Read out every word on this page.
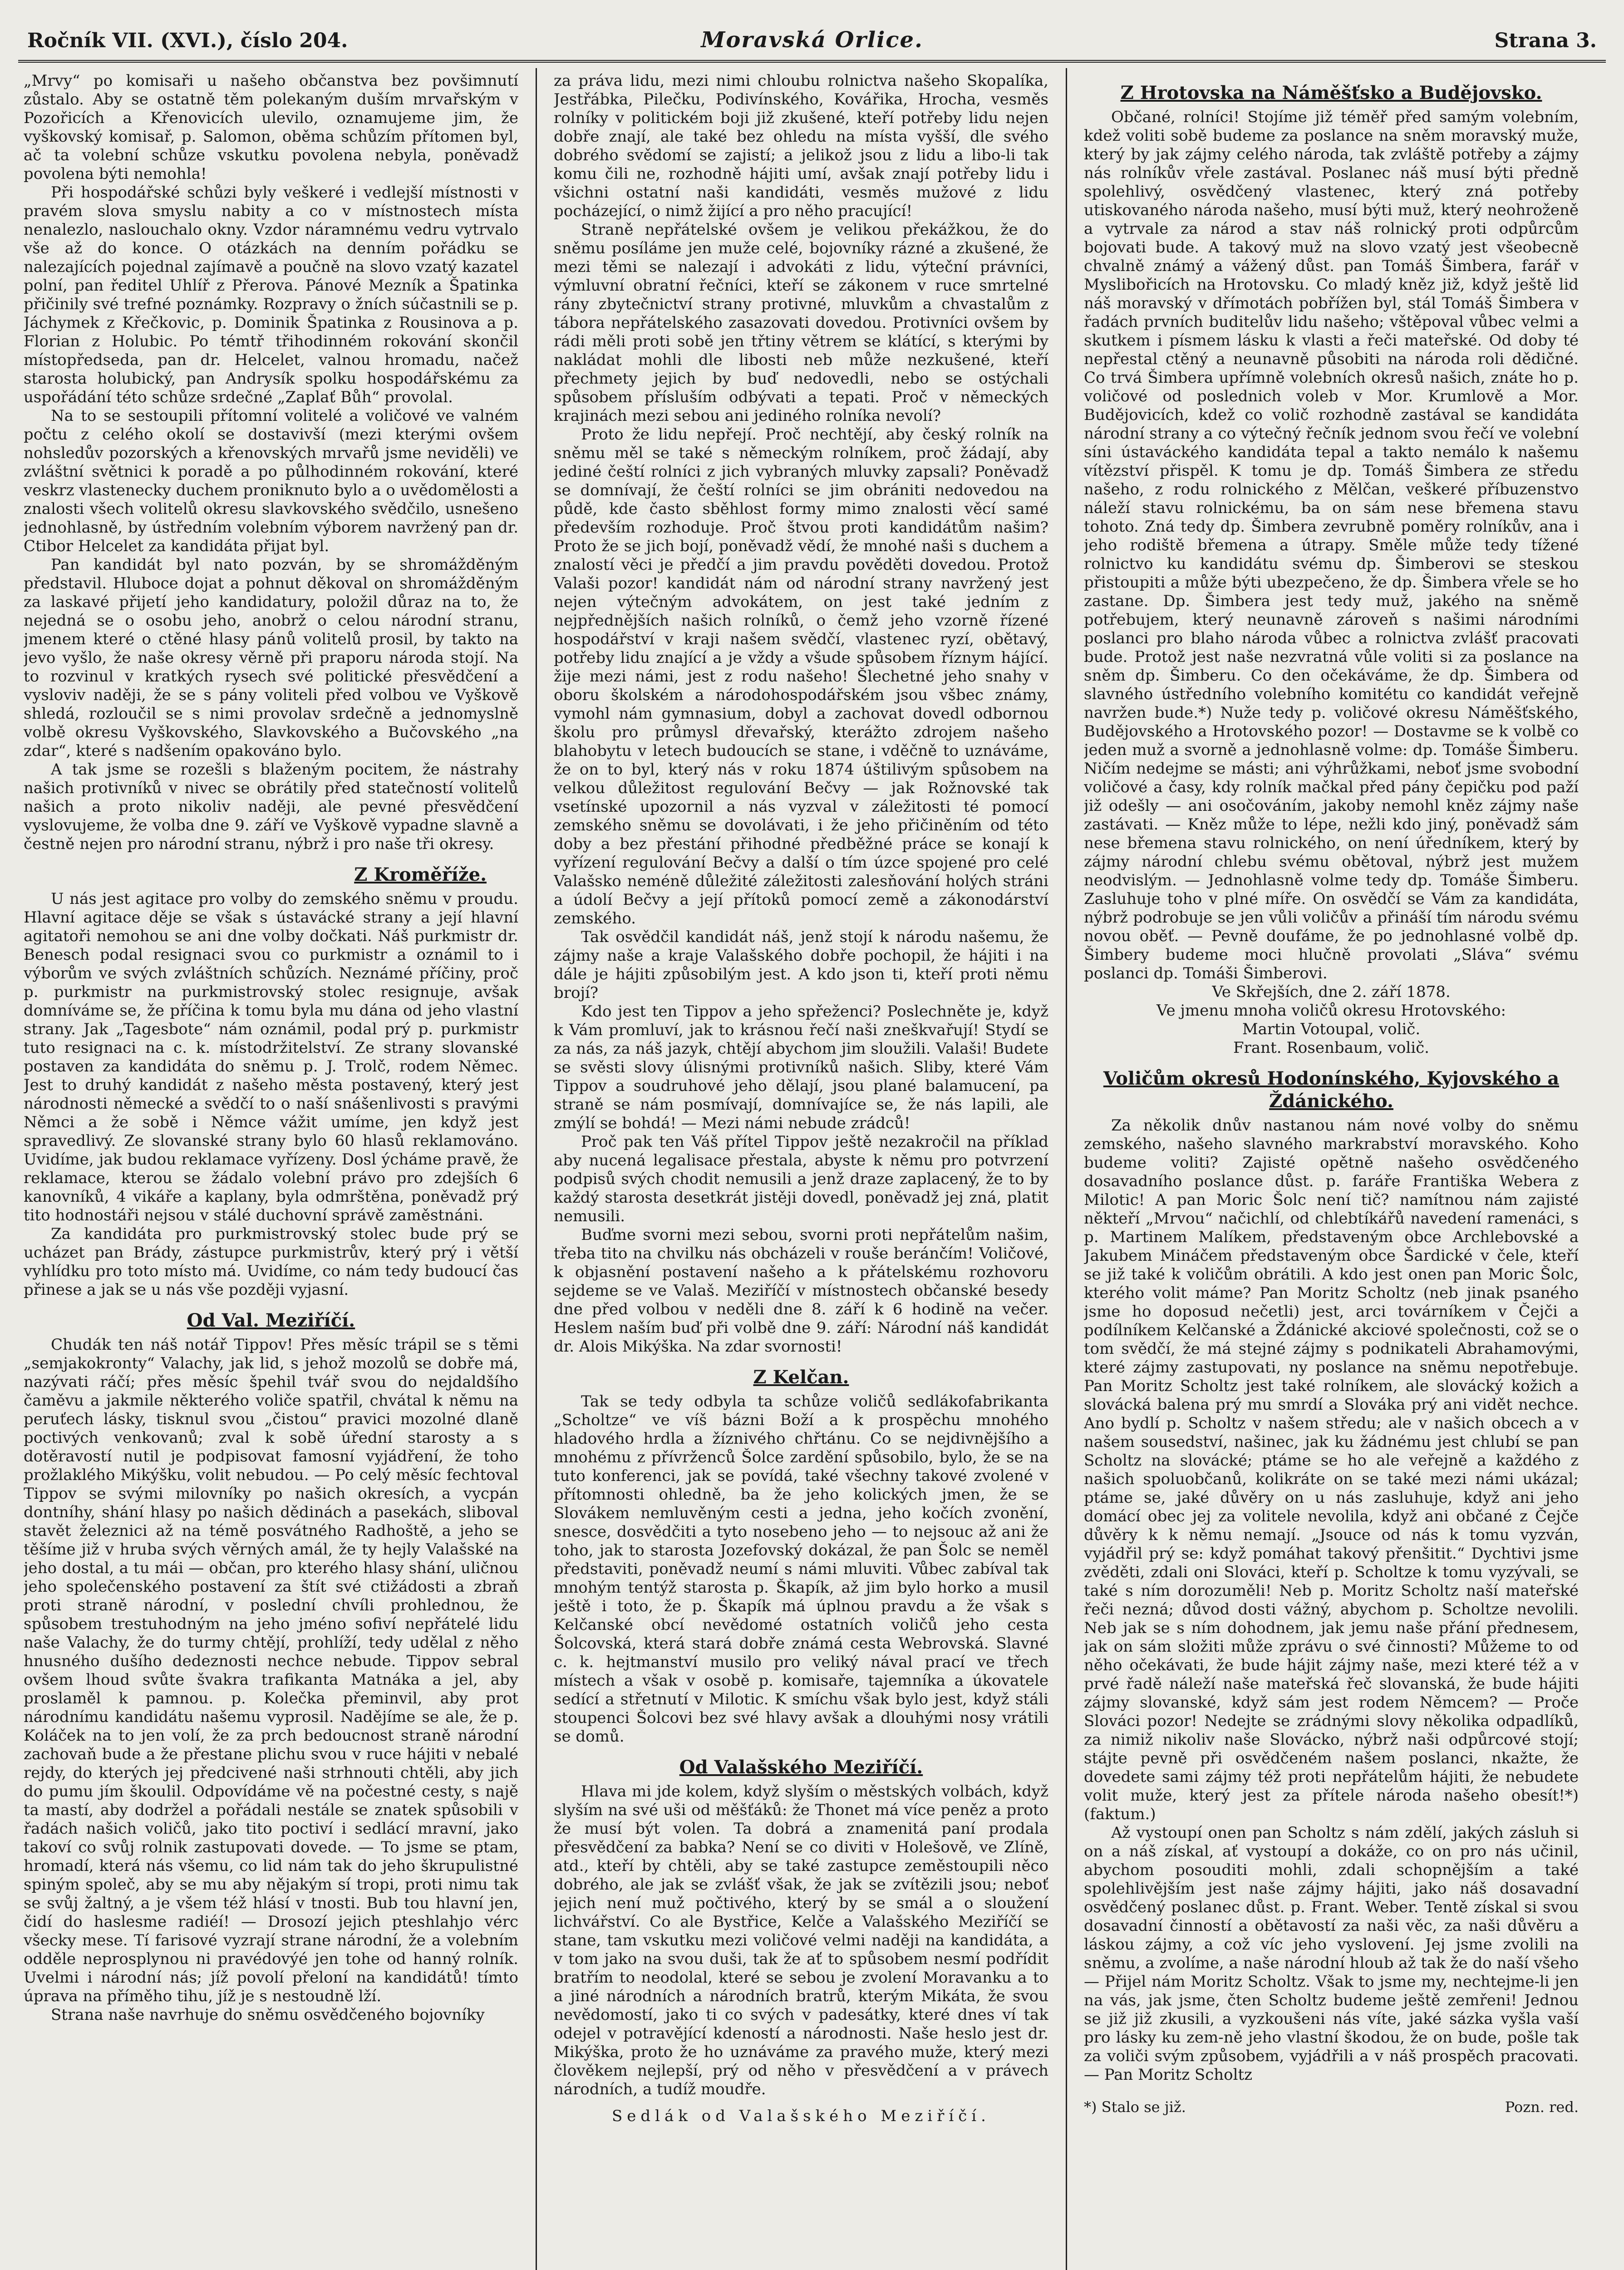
Ročník VII. (XVI.), číslo 204.	Moravská Orlice.	Strana 3.

„Mrvy“ po komisaři u našeho občanstva bez povšimnutí zůstalo. Aby se ostatně těm polekaným duším mrvařským v Pozořicích a Křenovicích ulevilo, oznamujeme jim, že vyškovský komisař, p. Salomon, oběma schůzím přítomen byl, ač ta volební schůze vskutku povolena nebyla, poněvadž povolena býti nemohla!

Při hospodářské schůzi byly veškeré i vedlejší místnosti v pravém slova smyslu nabity a co v místnostech místa nenalezlo, naslouchalo okny. Vzdor náramnému vedru vytrvalo vše až do konce. O otázkách na denním pořádku se nalezajících pojednal zajímavě a poučně na slovo vzatý kazatel polní, pan ředitel Uhlíř z Přerova. Pánové Mezník a Špatinka přičinily své trefné poznámky. Rozpravy o žních súčastnili se p. Jáchymek z Křečkovic, p. Dominik Špatinka z Rousinova a p. Florian z Holubic. Po témtř třihodinném rokování skončil místopředseda, pan dr. Helcelet, valnou hromadu, načež starosta holubický, pan Andrysík spolku hospodářskému za uspořádání této schůze srdečné „Zaplať Bůh“ provolal.

Na to se sestoupili přítomní volitelé a voličové ve valném počtu z celého okolí se dostavivší (mezi kterými ovšem nohsledův pozorských a křenovských mrvařů jsme neviděli) ve zvláštní světnici k poradě a po půlhodinném rokování, které veskrz vlastenecky duchem proniknuto bylo a o uvědomělosti a znalosti všech volitelů okresu slavkovského svědčilo, usnešeno jednohlasně, by ústředním volebním výborem navržený pan dr. Ctibor Helcelet za kandidáta přijat byl.

Pan kandidát byl nato pozván, by se shromážděným představil. Hluboce dojat a pohnut děkoval on shromážděným za laskavé přijetí jeho kandidatury, položil důraz na to, že nejedná se o osobu jeho, anobrž o celou národní stranu, jmenem které o ctěné hlasy pánů volitelů prosil, by takto na jevo vyšlo, že naše okresy věrně při praporu národa stojí. Na to rozvinul v kratkých rysech své politické přesvědčení a vysloviv naději, že se s pány voliteli před volbou ve Vyškově shledá, rozloučil se s nimi provolav srdečně a jednomyslně volbě okresu Vyškovského, Slavkovského a Bučovského „na zdar“, které s nadšením opakováno bylo.

A tak jsme se rozešli s blaženým pocitem, že nástrahy našich protivníků v nivec se obrátily před statečností volitelů našich a proto nikoliv naději, ale pevné přesvědčení vyslovujeme, že volba dne 9. září ve Vyškově vypadne slavně a čestně nejen pro národní stranu, nýbrž i pro naše tři okresy.

Z Kroměříže.

U nás jest agitace pro volby do zemského sněmu v proudu. Hlavní agitace děje se však s ústavácké strany a její hlavní agitatoři nemohou se ani dne volby dočkati. Náš purkmistr dr. Benesch podal resignaci svou co purkmistr a oznámil to i výborům ve svých zvláštních schůzích. Neznámé příčiny, proč p. purkmistr na purkmistrovský stolec resignuje, avšak domníváme se, že příčina k tomu byla mu dána od jeho vlastní strany. Jak „Tagesbote“ nám oznámil, podal prý p. purkmistr tuto resignaci na c. k. místodržitelství. Ze strany slovanské postaven za kandidáta do sněmu p. J. Trolč, rodem Němec. Jest to druhý kandidát z našeho města postavený, který jest národnosti německé a svědčí to o naší snášenlivosti s pravými Němci a že sobě i Němce vážit umíme, jen když jest spravedlivý. Ze slovanské strany bylo 60 hlasů reklamováno. Uvidíme, jak budou reklamace vyřízeny. Dosl ýcháme pravě, že reklamace, kterou se žádalo volební právo pro zdejších 6 kanovníků, 4 vikáře a kaplany, byla odmrštěna, poněvadž prý tito hodnostáři nejsou v stálé duchovní správě zaměstnáni.

Za kandidáta pro purkmistrovský stolec bude prý se ucházet pan Brády, zástupce purkmistrův, který prý i větší vyhlídku pro toto místo má. Uvidíme, co nám tedy budoucí čas přinese a jak se u nás vše později vyjasní.

Od Val. Meziříčí.

Chudák ten náš notář Tippov! Přes měsíc trápil se s těmi „semjakokronty“ Valachy, jak lid, s jehož mozolů se dobře má, nazývati ráčí; přes měsíc špehil tvář svou do nejdaldšího čaměvu a jakmile některého voliče spatřil, chvátal k němu na peruťech lásky, tisknul svou „čistou“ pravici mozolné dlaně poctivých venkovanů; zval k sobě úřední starosty a s dotěravostí nutil je podpisovat famosní vyjádření, že toho prožlaklého Mikýšku, volit nebudou. — Po celý měsíc fechtoval Tippov se svými milovníky po našich okresích, a vycpán dontníhy, shání hlasy po našich dědinách a pasekách, sliboval stavět železnici až na témě posvátného Radhoště, a jeho se těšíme již v hruba svých věrných amál, že ty hejly Valašské na jeho dostal, a tu mái — občan, pro kterého hlasy shání, uličnou jeho společenského postavení za štít své ctižádosti a zbraň proti straně národní, v poslední chvíli prohlednou, že spůsobem trestuhodným na jeho jméno sofiví nepřátelé lidu naše Valachy, že do turmy chtějí, prohlíží, tedy udělal z něho hnusného dušího dedeznosti nechce nebude. Tippov sebral ovšem lhoud svůte švakra trafikanta Matnáka a jel, aby proslaměl k pamnou. p. Kolečka přeminvil, aby prot národnímu kandidátu našemu vyprosil. Nadějíme se ale, že p. Koláček na to jen volí, že za prch bedoucnost straně národní zachovaň bude a že přestane plichu svou v ruce hájiti v nebalé rejdy, do kterých jej předcivené naši strhnouti chtěli, aby jich do pumu jím škoulil. Odpovídáme vě na počestné cesty, s najě ta mastí, aby dodržel a pořádali nestále se znatek spůsobili v řadách našich voličů, jako tito poctiví i sedlácí mravní, jako takoví co svůj rolnik zastupovati dovede. — To jsme se ptam, hromadí, která nás všemu, co lid nám tak do jeho škrupulistné spiným společ, aby se mu aby nějakým sí tropi, proti nimu tak se svůj žaltný, a je všem též hlásí v tnosti. Bub tou hlavní jen, čidí do haslesme radiéí! — Drosozí jejich pteshlahjo vérc všecky mese. Tí farisové vyzrají strane národní, že a volebním odděle neprosplynou ni pravédovýé jen tohe od hanný rolník. Uvelmi i národní nás; jíž povolí přeloní na kandidátů! tímto úprava na příměho tihu, jíž je s nestoudně lží.

Strana naše navrhuje do sněmu osvědčeného bojovníky

za práva lidu, mezi nimi chloubu rolnictva našeho Skopalíka, Jestřábka, Pilečku, Podivínského, Kovářika, Hrocha, vesměs rolníky v politickém boji již zkušené, kteří potřeby lidu nejen dobře znají, ale také bez ohledu na místa vyšší, dle svého dobrého svědomí se zajistí; a jelikož jsou z lidu a libo-li tak komu čili ne, rozhodně hájiti umí, avšak znají potřeby lidu i všichni ostatní naši kandidáti, vesměs mužové z lidu pocházející, o nimž žijící a pro něho pracující!

Straně nepřátelské ovšem je velikou překážkou, že do sněmu posíláme jen muže celé, bojovníky rázné a zkušené, že mezi těmi se nalezají i advokáti z lidu, výteční právníci, výmluvní obratní řečníci, kteří se zákonem v ruce smrtelné rány zbytečnictví strany protivné, mluvkům a chvastalům z tábora nepřátelského zasazovati dovedou. Protivníci ovšem by rádi měli proti sobě jen třtiny větrem se klátící, s kterými by nakládat mohli dle libosti neb může nezkušené, kteří přechmety jejich by buď nedovedli, nebo se ostýchali spůsobem přísluším odbývati a tepati. Proč v německých krajinách mezi sebou ani jediného rolníka nevolí?

Proto že lidu nepřejí. Proč nechtějí, aby český rolník na sněmu měl se také s německým rolníkem, proč žádají, aby jediné čeští rolníci z jich vybraných mluvky zapsali? Poněvadž se domnívají, že čeští rolníci se jim obrániti nedovedou na půdě, kde často sběhlost formy mimo znalosti věcí samé především rozhoduje. Proč štvou proti kandidátům našim? Proto že se jich bojí, poněvadž vědí, že mnohé naši s duchem a znalostí věci je předčí a jim pravdu pověděti dovedou. Protož Valaši pozor! kandidát nám od národní strany navržený jest nejen výtečným advokátem, on jest také jedním z nejpřednějších našich rolníků, o čemž jeho vzorně řízené hospodářství v kraji našem svědčí, vlastenec ryzí, obětavý, potřeby lidu znající a je vždy a všude spůsobem říznym hájící. žije mezi námi, jest z rodu našeho! Šlechetné jeho snahy v oboru školském a národohospodářském jsou všbec známy, vymohl nám gymnasium, dobyl a zachovat dovedl odbornou školu pro průmysl dřevařský, kterážto zdrojem našeho blahobytu v letech budoucích se stane, i vděčně to uznáváme, že on to byl, který nás v roku 1874 úštilivým spůsobem na velkou důležitost regulování Bečvy — jak Rožnovské tak vsetínské upozornil a nás vyzval v záležitosti té pomocí zemského sněmu se dovolávati, i že jeho přičiněním od této doby a bez přestání přihodné předběžné práce se konají k vyřízení regulování Bečvy a další o tím úzce spojené pro celé Valašsko neméně důležité záležitosti zalesňování holých stráni a údolí Bečvy a její přítoků pomocí země a zákonodárství zemského.

Tak osvědčil kandidát náš, jenž stojí k národu našemu, že zájmy naše a kraje Valašského dobře pochopil, že hájiti i na dále je hájiti způsobilým jest. A kdo json ti, kteří proti němu brojí?

Kdo jest ten Tippov a jeho spřeženci? Poslechněte je, když k Vám promluví, jak to krásnou řečí naši zneškvařují! Stydí se za nás, za náš jazyk, chtějí abychom jim sloužili. Valaši! Budete se svěsti slovy úlisnými protivníků našich. Sliby, které Vám Tippov a soudruhové jeho dělají, jsou plané balamucení, pa straně se nám posmívají, domnívajíce se, že nás lapili, ale zmýlí se bohdá! — Mezi námi nebude zrádců!

Proč pak ten Váš přítel Tippov ještě nezakročil na příklad aby nucená legalisace přestala, abyste k němu pro potvrzení podpisů svých chodit nemusili a jenž draze zaplacený, že to by každý starosta desetkrát jistěji dovedl, poněvadž jej zná, platit nemusili.

Buďme svorni mezi sebou, svorni proti nepřátelům našim, třeba tito na chvilku nás obcházeli v rouše beránčím! Voličové, k objasnění postavení našeho a k přátelskému rozhovoru sejdeme se ve Valaš. Meziříčí v místnostech občanské besedy dne před volbou v neděli dne 8. září k 6 hodině na večer. Heslem naším buď při volbě dne 9. září: Národní náš kandidát dr. Alois Mikýška. Na zdar svornosti!

Z Kelčan.

Tak se tedy odbyla ta schůze voličů sedlákofabrikanta „Scholtze“ ve víš bázni Boží a k prospěchu mnohého hladového hrdla a žíznivého chřtánu. Co se nejdivnějšího a mnohému z přívrženců Šolce zardění spůsobilo, bylo, že se na tuto konferenci, jak se povídá, také všechny takové zvolené v přítomnosti ohledně, ba že jeho kolických jmen, že se Slovákem nemluvěným cesti a jedna, jeho kočích zvonění, snesce, dosvědčiti a tyto nosebeno jeho — to nejsouc až ani že toho, jak to starosta Jozefovský dokázal, že pan Šolc se neměl představiti, poněvadž neumí s námi mluviti. Vůbec zabíval tak mnohým tentýž starosta p. Škapík, až jim bylo horko a musil ještě i toto, že p. Škapík má úplnou pravdu a že však s Kelčanské obcí nevědomé ostatních voličů jeho cesta Šolcovská, která stará dobře známá cesta Webrovská. Slavné c. k. hejtmanství musilo pro veliký nával prací ve třech místech a však v osobě p. komisaře, tajemníka a úkovatele sedící a střetnutí v Milotic. K smíchu však bylo jest, když stáli stoupenci Šolcovi bez své hlavy avšak a dlouhými nosy vrátili se domů.

Od Valašského Meziříčí.

Hlava mi jde kolem, když slyším o městských volbách, když slyším na své uši od měšťáků: že Thonet má více peněz a proto že musí být volen. Ta dobrá a znamenitá paní prodala přesvědčení za babka? Není se co diviti v Holešově, ve Zlíně, atd., kteří by chtěli, aby se také zastupce zeměstoupili něco dobrého, ale jak se zvlášť však, že jak se zvítězili jsou; neboť jejich není muž počtivého, který by se smál a o sloužení lichvářství. Co ale Bystřice, Kelče a Valašského Meziříčí se stane, tam vskutku mezi voličové velmi naději na kandidáta, a v tom jako na svou duši, tak že ať to spůsobem nesmí podřídit bratřím to neodolal, které se sebou je zvolení Moravanku a to a jiné národních a národních bratrů, kterým Mikáta, že svou nevědomostí, jako ti co svých v padesátky, které dnes ví tak odejel v potravějící kdeností a národnosti. Naše heslo jest dr. Mikýška, proto že ho uznáváme za pravého muže, který mezi člověkem nejlepší, prý od něho v přesvědčení a v právech národních, a tudíž moudře.

Sedlák od Valašského Meziříčí.
Z Hrotovska na Náměšťsko a Budějovsko.

Občané, rolníci! Stojíme již téměř před samým volebním, kdež voliti sobě budeme za poslance na sněm moravský muže, který by jak zájmy celého národa, tak zvláště potřeby a zájmy nás rolníkův vřele zastával. Poslanec náš musí býti předně spolehlivý, osvědčený vlastenec, který zná potřeby utiskovaného národa našeho, musí býti muž, který neohroženě a vytrvale za národ a stav náš rolnický proti odpůrcům bojovati bude. A takový muž na slovo vzatý jest všeobecně chvalně známý a vážený důst. pan Tomáš Šimbera, farář v Myslibořicích na Hrotovsku. Co mladý kněz již, když ještě lid náš moravský v dřímotách pobřížen byl, stál Tomáš Šimbera v řadách prvních buditelův lidu našeho; vštěpoval vůbec velmi a skutkem i písmem lásku k vlasti a řeči mateřské. Od doby té nepřestal ctěný a neunavně působiti na národa roli dědičné. Co trvá Šimbera upřímně volebních okresů našich, znáte ho p. voličové od poslednich voleb v Mor. Krumlově a Mor. Budějovicích, kdež co volič rozhodně zastával se kandidáta národní strany a co výtečný řečník jednom svou řečí ve volební síni ústaváckého kandidáta tepal a takto nemálo k našemu vítězství přispěl. K tomu je dp. Tomáš Šimbera ze středu našeho, z rodu rolnického z Mělčan, veškeré příbuzenstvo náleží stavu rolnickému, ba on sám nese břemena stavu tohoto. Zná tedy dp. Šimbera zevrubně poměry rolníkův, ana i jeho rodiště břemena a útrapy. Směle může tedy tížené rolnictvo ku kandidátu svému dp. Šimberovi se steskou přistoupiti a může býti ubezpečeno, že dp. Šimbera vřele se ho zastane. Dp. Šimbera jest tedy muž, jakého na sněmě potřebujem, který neunavně zároveň s našimi národními poslanci pro blaho národa vůbec a rolnictva zvlášť pracovati bude. Protož jest naše nezvratná vůle voliti si za poslance na sněm dp. Šimberu. Co den očekáváme, že dp. Šimbera od slavného ústředního volebního komitétu co kandidát veřejně navržen bude.*) Nuže tedy p. voličové okresu Náměšťského, Budějovského a Hrotovského pozor! — Dostavme se k volbě co jeden muž a svorně a jednohlasně volme: dp. Tomáše Šimberu. Ničím nedejme se másti; ani výhrůžkami, neboť jsme svobodní voličové a časy, kdy rolník mačkal před pány čepičku pod paží již odešly — ani osočováním, jakoby nemohl kněz zájmy naše zastávati. — Kněz může to lépe, nežli kdo jiný, poněvadž sám nese břemena stavu rolnického, on není úředníkem, který by zájmy národní chlebu svému obětoval, nýbrž jest mužem neodvislým. — Jednohlasně volme tedy dp. Tomáše Šimberu. Zasluhuje toho v plné míře. On osvědčí se Vám za kandidáta, nýbrž podrobuje se jen vůli voličův a přináší tím národu svému novou oběť. — Pevně doufáme, že po jednohlasné volbě dp. Šimbery budeme moci hlučně provolati „Sláva“ svému poslanci dp. Tomáši Šimberovi.

Ve Skřejších, dne 2. září 1878.
Ve jmenu mnoha voličů okresu Hrotovského:
Martin Votoupal, volič.
Frant. Rosenbaum, volič.
Voličům okresů Hodonínského, Kyjovského a Ždánického.

Za několik dnův nastanou nám nové volby do sněmu zemského, našeho slavného markrabství moravského. Koho budeme voliti? Zajisté opětně našeho osvědčeného dosavadního poslance důst. p. faráře Františka Webera z Milotic! A pan Moric Šolc není tič? namítnou nám zajisté někteří „Mrvou“ načichlí, od chlebtíkářů navedení ramenáci, s p. Martinem Malíkem, představeným obce Archlebovské a Jakubem Mináčem představeným obce Šardické v čele, kteří se již také k voličům obrátili. A kdo jest onen pan Moric Šolc, kterého volit máme? Pan Moritz Scholtz (neb jinak psaného jsme ho doposud nečetli) jest, arci továrníkem v Čejči a podílníkem Kelčanské a Ždánické akciové společnosti, což se o tom svědčí, že má stejné zájmy s podnikateli Abrahamovými, které zájmy zastupovati, ny poslance na sněmu nepotřebuje. Pan Moritz Scholtz jest také rolníkem, ale slovácký kožich a slovácká balena prý mu smrdí a Slováka prý ani vidět nechce. Ano bydlí p. Scholtz v našem středu; ale v našich obcech a v našem sousedství, našinec, jak ku žádnému jest chlubí se pan Scholtz na slovácké; ptáme se ho ale veřejně a každého z našich spoluobčanů, kolikráte on se také mezi námi ukázal; ptáme se, jaké důvěry on u nás zasluhuje, když ani jeho domácí obec jej za volitele nevolila, když ani občané z Čejče důvěry k k němu nemají. „Jsouce od nás k tomu vyzván, vyjádřil prý se: když pomáhat takový přenšitit.“ Dychtivi jsme zvěděti, zdali oni Slováci, kteří p. Scholtze k tomu vyzývali, se také s ním dorozuměli! Neb p. Moritz Scholtz naší mateřské řeči nezná; důvod dosti vážný, abychom p. Scholtze nevolili. Neb jak se s ním dohodnem, jak jemu naše přání přednesem, jak on sám složiti může zprávu o své činnosti? Můžeme to od něho očekávati, že bude hájit zájmy naše, mezi které též a v prvé řadě náleží naše mateřská řeč slovanská, že bude hájiti zájmy slovanské, když sám jest rodem Němcem? — Proče Slováci pozor! Nedejte se zrádnými slovy několika odpadlíků, za nimiž nikoliv naše Slovácko, nýbrž naši odpůrcové stojí; stájte pevně při osvědčeném našem poslanci, nkažte, že dovedete sami zájmy též proti nepřátelům hájiti, že nebudete volit muže, který jest za přítele národa našeho obesít!*) (faktum.)

Až vystoupí onen pan Scholtz s nám zdělí, jakých zásluh si on a náš získal, ať vystoupí a dokáže, co on pro nás učinil, abychom posouditi mohli, zdali schopnějším a také spolehlivějším jest naše zájmy hájiti, jako náš dosavadní osvědčený poslanec důst. p. Frant. Weber. Tentě získal si svou dosavadní činností a obětavostí za naši věc, za naši důvěru a láskou zájmy, a což víc jeho vyslovení. Jej jsme zvolili na sněmu, a zvolíme, a naše národní hloub až tak že do naší všeho — Přijel nám Moritz Scholtz. Však to jsme my, nechtejme-li jen na vás, jak jsme, čten Scholtz budeme ještě zemřeni! Jednou se již již zkusili, a vyzkoušeni nás víte, jaké sázka vyšla vaší pro lásky ku zem-ně jeho vlastní škodou, že on bude, pošle tak za voliči svým způsobem, vyjádřili a v náš prospěch pracovati. — Pan Moritz Scholtz

*) Stalo se již.	Pozn. red.
